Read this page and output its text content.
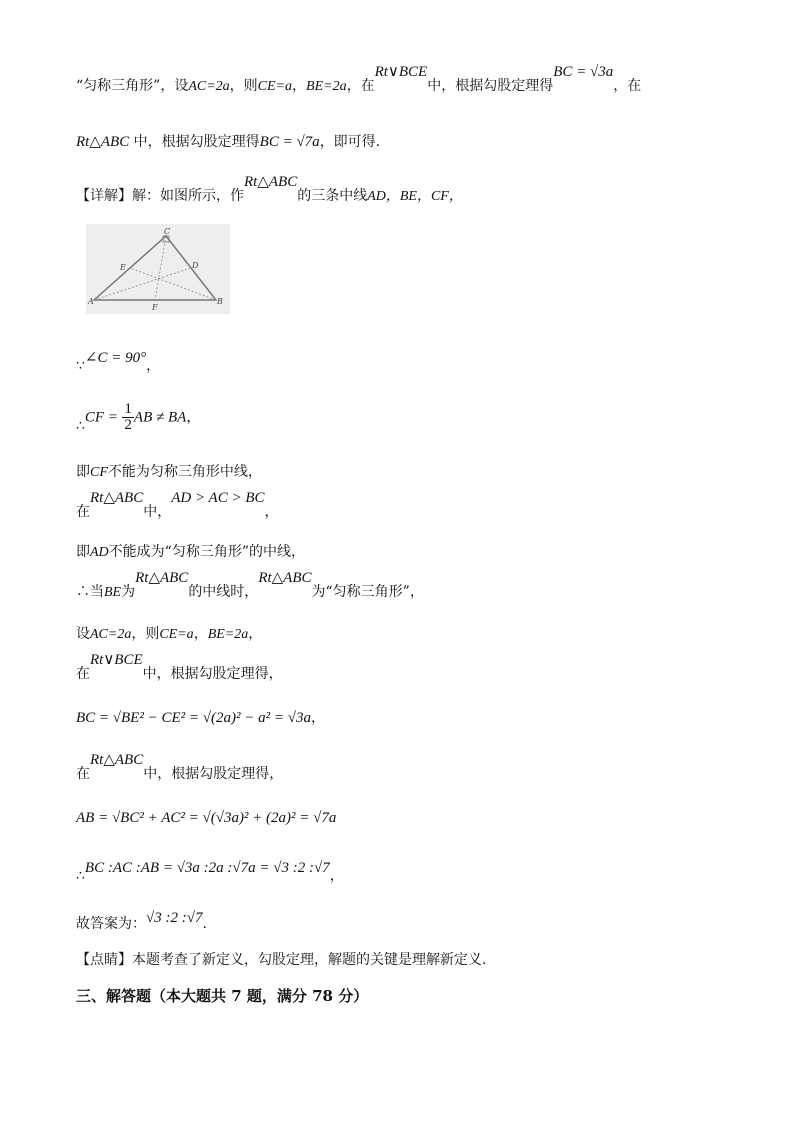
“匀称三角形”，设AC=2a，则CE=a，BE=2a，在Rt∨BCE中，根据勾股定理得BC = √3a，在
Rt△ABC 中，根据勾股定理得BC = √7a，即可得.
【详解】解：如图所示，作Rt△ABC的三条中线AD，BE，CF，
C
E	D
A
F
B
∵∠C = 90°，
∴CF = $\frac{1}{2}$ AB ≠ BA，
即CF不能为匀称三角形中线，
在Rt△ABC中，AD > AC > BC，
即AD不能成为“匀称三角形”的中线，
∴当BE为Rt△ABC的中线时，Rt△ABC为“匀称三角形”，
设AC=2a，则CE=a，BE=2a，
在Rt∨BCE中，根据勾股定理得，
BC = √BE² − CE² = √(2a)² − a² = √3a，
在Rt△ABC中，根据勾股定理得，
AB = √BC² + AC² = √(√3a)² + (2a)² = √7a
∴BC :AC :AB = √3a :2a :√7a = √3 :2 :√7，
故答案为：√3 :2 :√7.
【点睛】本题考查了新定义，勾股定理，解题的关键是理解新定义.
三、解答题（本大题共 7 题，满分 78 分）
